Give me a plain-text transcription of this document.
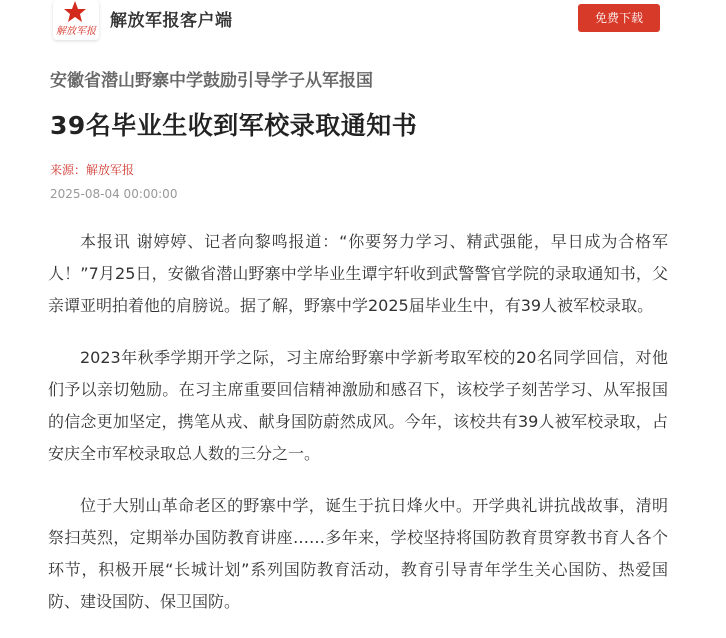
解放军报
解放军报客户端	免费下载
安徽省潜山野寨中学鼓励引导学子从军报国
39名毕业生收到军校录取通知书
来源：解放军报
2025-08-04 00:00:00

本报讯 谢婷婷、记者向黎鸣报道：“你要努力学习、精武强能，早日成为合格军人！”7月25日，安徽省潜山野寨中学毕业生谭宇轩收到武警警官学院的录取通知书，父亲谭亚明拍着他的肩膀说。据了解，野寨中学2025届毕业生中，有39人被军校录取。

2023年秋季学期开学之际，习主席给野寨中学新考取军校的20名同学回信，对他们予以亲切勉励。在习主席重要回信精神激励和感召下，该校学子刻苦学习、从军报国的信念更加坚定，携笔从戎、献身国防蔚然成风。今年，该校共有39人被军校录取，占安庆全市军校录取总人数的三分之一。

位于大别山革命老区的野寨中学，诞生于抗日烽火中。开学典礼讲抗战故事，清明祭扫英烈，定期举办国防教育讲座……多年来，学校坚持将国防教育贯穿教书育人各个环节，积极开展“长城计划”系列国防教育活动，教育引导青年学生关心国防、热爱国防、建设国防、保卫国防。
